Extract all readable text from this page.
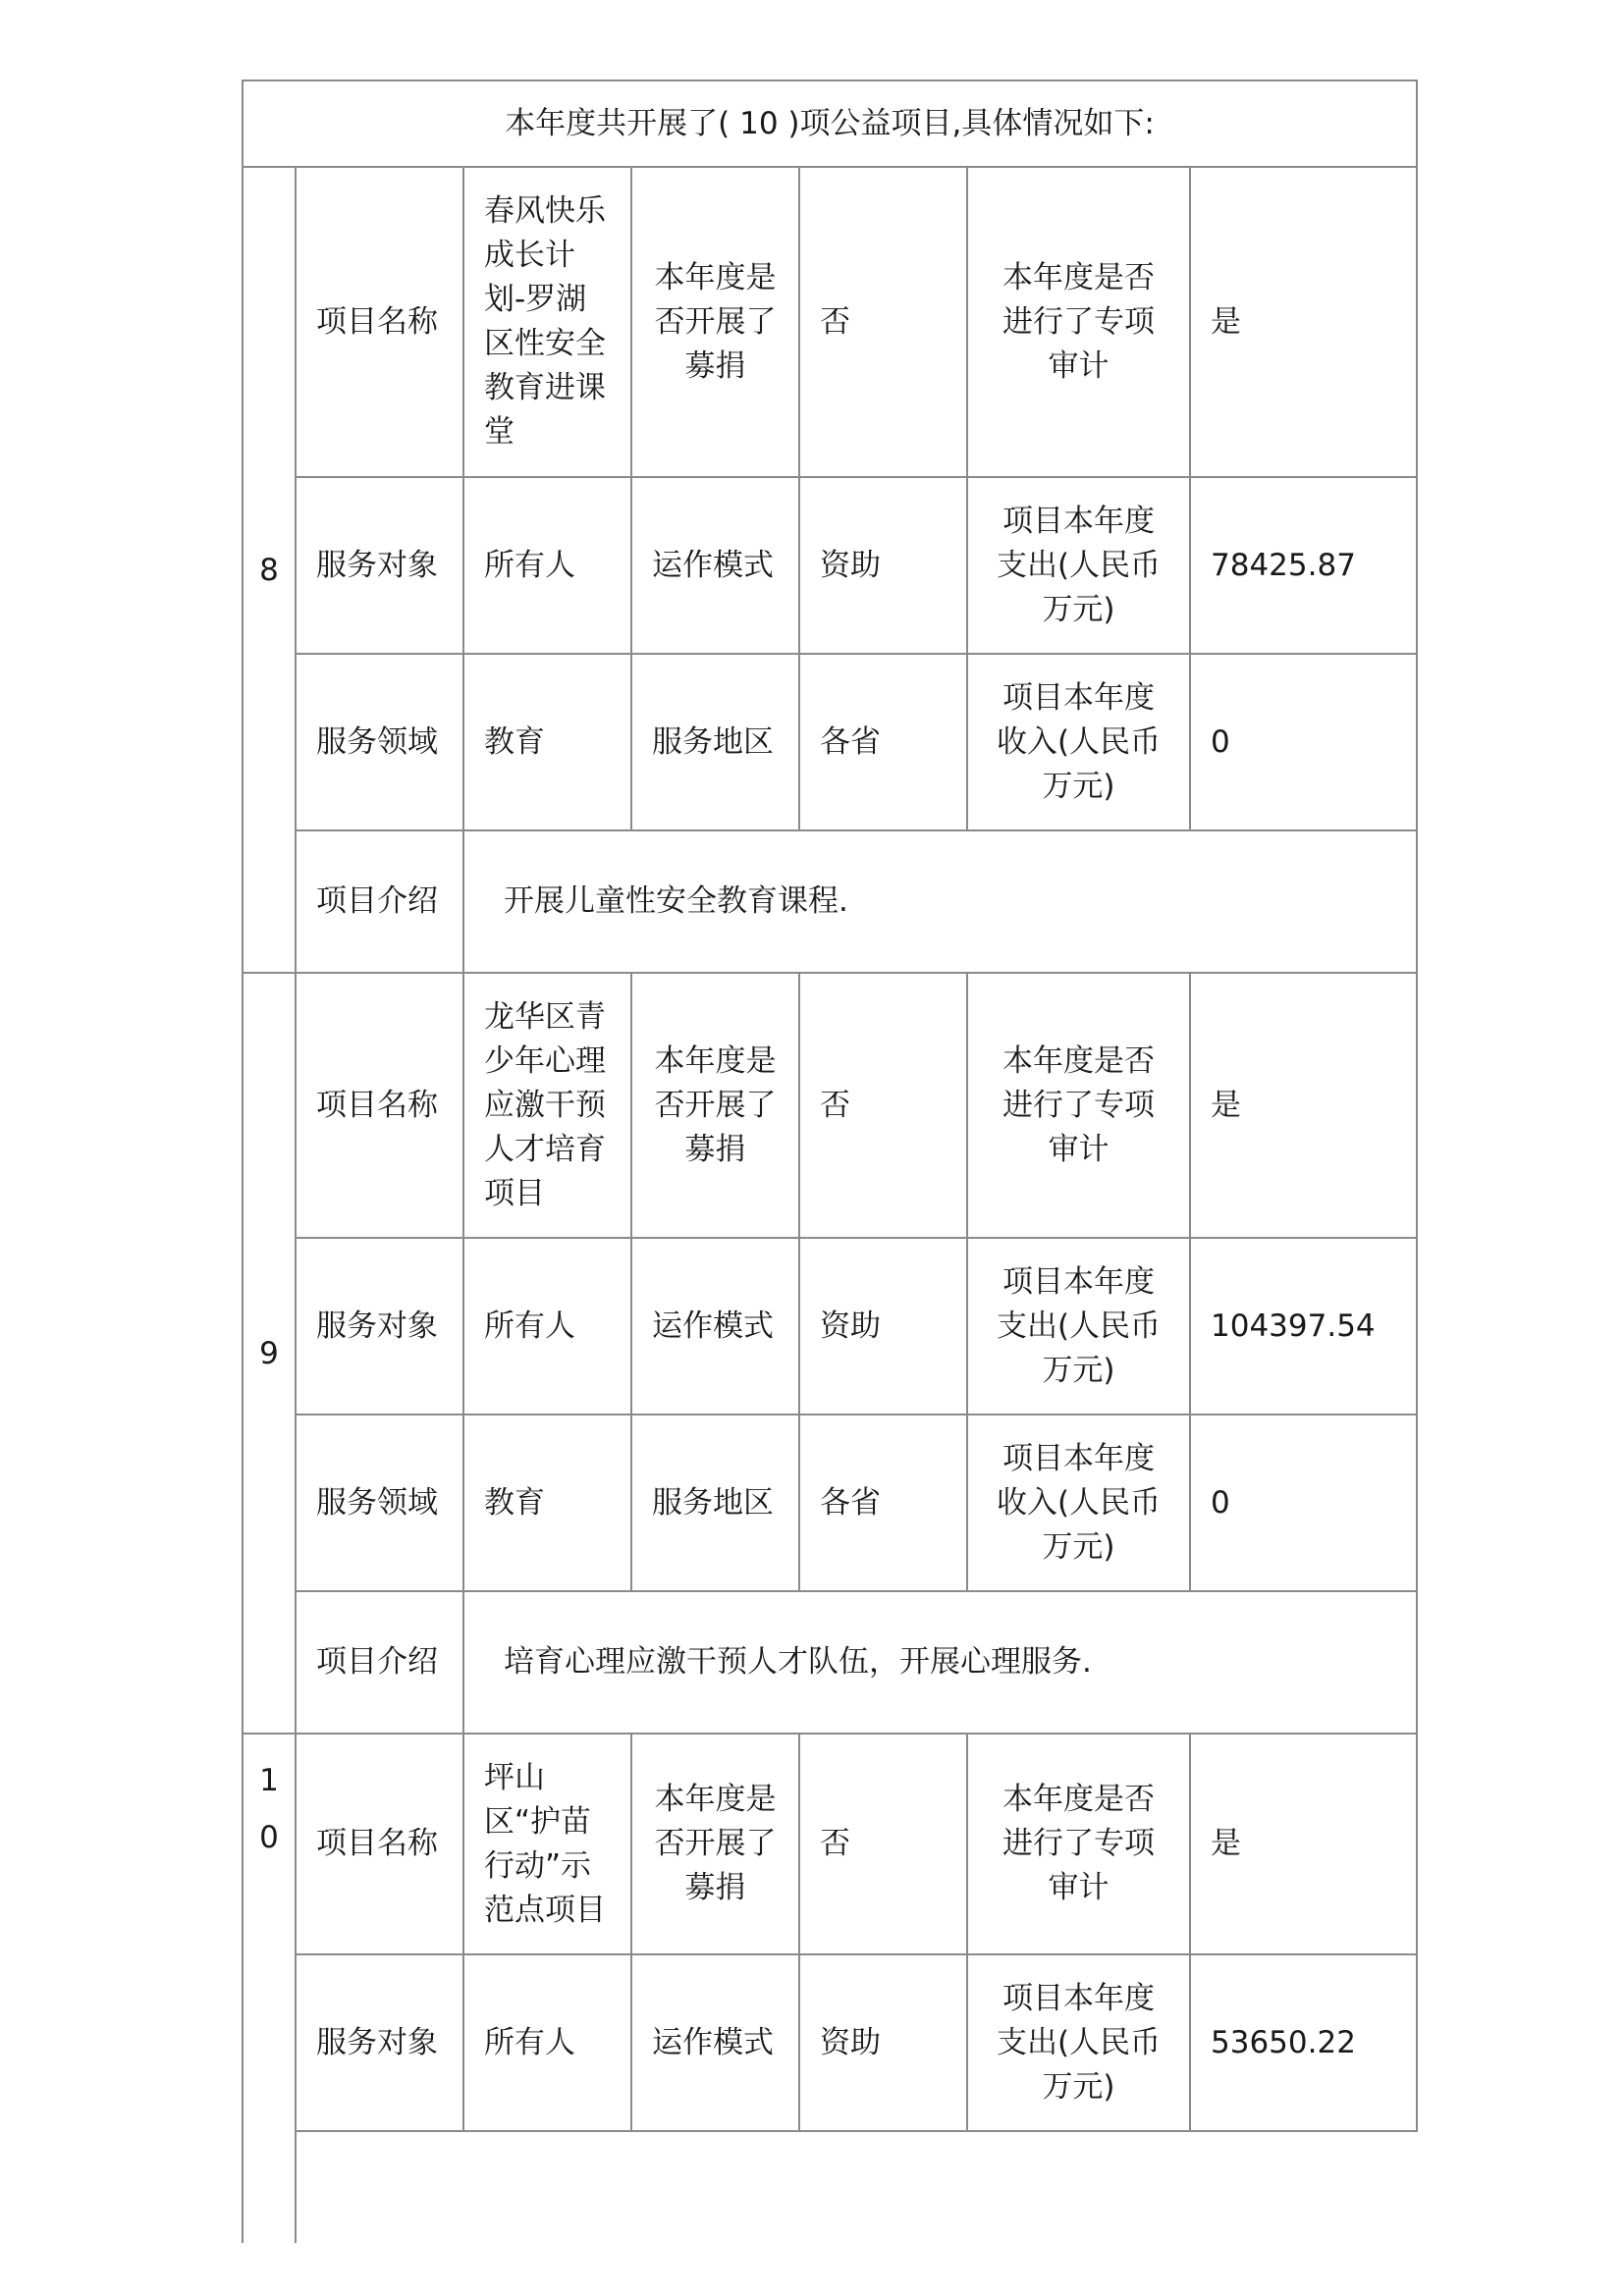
本年度共开展了( 10 )项公益项目,具体情况如下:						
8	项目名称	春风快乐成长计划-罗湖区性安全教育进课堂	本年度是否开展了募捐	否	本年度是否进行了专项审计	是
	服务对象	所有人	运作模式	资助	项目本年度支出(人民币万元)	78425.87
	服务领域	教育	服务地区	各省	项目本年度收入(人民币万元)	0
	项目介绍	开展儿童性安全教育课程.				
9	项目名称	龙华区青少年心理应激干预人才培育项目	本年度是否开展了募捐	否	本年度是否进行了专项审计	是
	服务对象	所有人	运作模式	资助	项目本年度支出(人民币万元)	104397.54
	服务领域	教育	服务地区	各省	项目本年度收入(人民币万元)	0
	项目介绍	培育心理应激干预人才队伍，开展心理服务.				
10	项目名称	坪山区“护苗行动”示范点项目	本年度是否开展了募捐	否	本年度是否进行了专项审计	是
	服务对象	所有人	运作模式	资助	项目本年度支出(人民币万元)	53650.22
